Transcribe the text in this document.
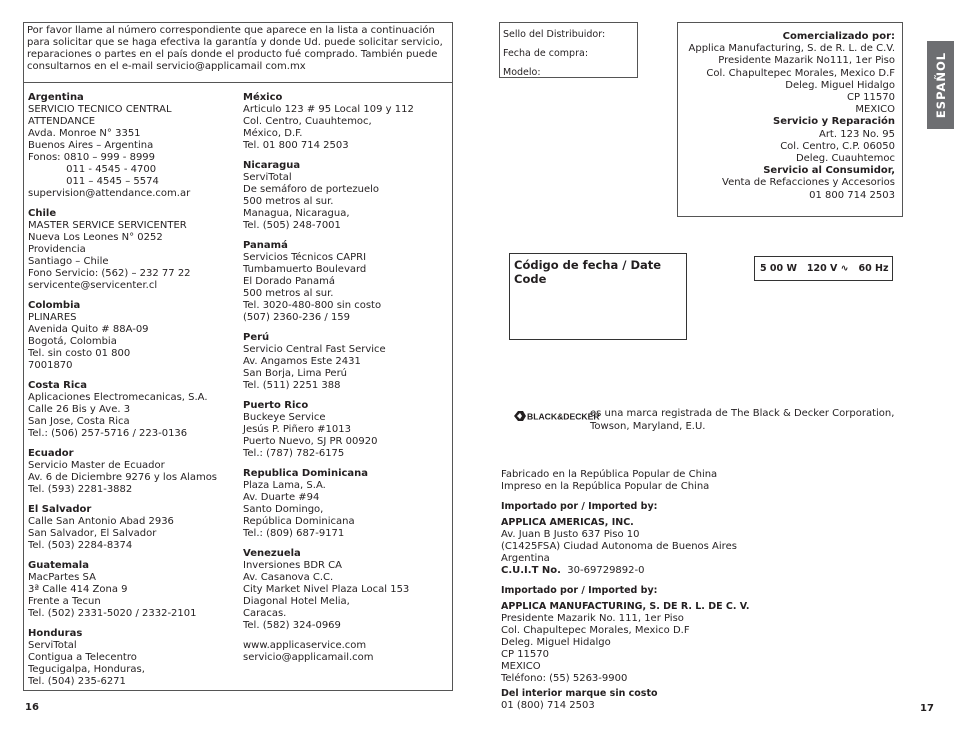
Por favor llame al número correspondiente que aparece en la lista a continuación para solicitar que se haga efectiva la garantía y donde Ud. puede solicitar servicio, reparaciones o partes en el país donde el producto fué comprado. También puede consultarnos en el e-mail servicio@applicamail com.mx
Argentina
SERVICIO TECNICO CENTRAL
ATTENDANCE
Avda. Monroe N° 3351
Buenos Aires – Argentina
Fonos: 0810 – 999 - 8999
011 - 4545 - 4700
011 – 4545 – 5574
supervision@attendance.com.ar
Chile
MASTER SERVICE SERVICENTER
Nueva Los Leones N° 0252
Providencia
Santiago – Chile
Fono Servicio: (562) – 232 77 22
servicente@servicenter.cl
Colombia
PLINARES
Avenida Quito # 88A-09
Bogotá, Colombia
Tel. sin costo 01 800
7001870
Costa Rica
Aplicaciones Electromecanicas, S.A.
Calle 26 Bis y Ave. 3
San Jose, Costa Rica
Tel.: (506) 257-5716 / 223-0136
Ecuador
Servicio Master de Ecuador
Av. 6 de Diciembre 9276 y los Alamos
Tel. (593) 2281-3882
El Salvador
Calle San Antonio Abad 2936
San Salvador, El Salvador
Tel. (503) 2284-8374
Guatemala
MacPartes SA
3ª Calle 414 Zona 9
Frente a Tecun
Tel. (502) 2331-5020 / 2332-2101
Honduras
ServiTotal
Contigua a Telecentro
Tegucigalpa, Honduras,
Tel. (504) 235-6271
México
Articulo 123 # 95 Local 109 y 112
Col. Centro, Cuauhtemoc,
México, D.F.
Tel. 01 800 714 2503
Nicaragua
ServiTotal
De semáforo de portezuelo
500 metros al sur.
Managua, Nicaragua,
Tel. (505) 248-7001
Panamá
Servicios Técnicos CAPRI
Tumbamuerto Boulevard
El Dorado Panamá
500 metros al sur.
Tel. 3020-480-800 sin costo
(507) 2360-236 / 159
Perú
Servicio Central Fast Service
Av. Angamos Este 2431
San Borja, Lima Perú
Tel. (511) 2251 388
Puerto Rico
Buckeye Service
Jesús P. Piñero #1013
Puerto Nuevo, SJ PR 00920
Tel.: (787) 782-6175
Republica Dominicana
Plaza Lama, S.A.
Av. Duarte #94
Santo Domingo,
República Dominicana
Tel.: (809) 687-9171
Venezuela
Inversiones BDR CA
Av. Casanova C.C.
City Market Nivel Plaza Local 153
Diagonal Hotel Melia,
Caracas.
Tel. (582) 324-0969
www.applicaservice.com
servicio@applicamail.com
16
Sello del Distribuidor:
Fecha de compra:
Modelo:
Comercializado por:
Applica Manufacturing, S. de R. L. de C.V.
Presidente Mazarik No111, 1er Piso
Col. Chapultepec Morales, Mexico D.F
Deleg. Miguel Hidalgo
CP 11570
MEXICO
Servicio y Reparación
Art. 123 No. 95
Col. Centro, C.P. 06050
Deleg. Cuauhtemoc
Servicio al Consumidor,
Venta de Refacciones y Accesorios
01 800 714 2503
ESPAÑOL
Código de fecha / Date Code
5 00 W   120 V ∿   60 Hz
BLACK&DECKER
es una marca registrada de The Black & Decker Corporation, Towson, Maryland, E.U.
Fabricado en la República Popular de China
Impreso en la República Popular de China
Importado por / Imported by:
APPLICA AMERICAS, INC.
Av. Juan B Justo 637 Piso 10
(C1425FSA) Ciudad Autonoma de Buenos Aires
Argentina
C.U.I.T No. 30-69729892-0
Importado por / Imported by:
APPLICA MANUFACTURING, S. DE R. L. DE C. V.
Presidente Mazarik No. 111, 1er Piso
Col. Chapultepec Morales, Mexico D.F
Deleg. Miguel Hidalgo
CP 11570
MEXICO
Teléfono: (55) 5263-9900
Del interior marque sin costo
01 (800) 714 2503	17
